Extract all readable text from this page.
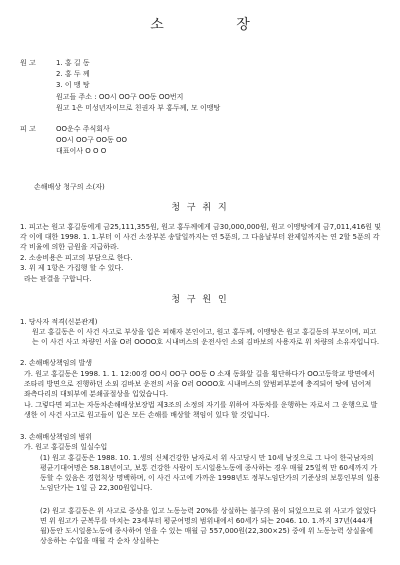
소 장
원 고	1. 홍 길 동
2. 홍 두 께
3. 이 맹 탕
원고들 주소 : OO시 OO구 OO동 OO번지
원고 1은 미성년자이므로 친권자 부 홍두께, 모 이맹탕
피 고	OO운수 주식회사
OO시 OO구 OO동 OO
대표이사 O O O
손해배상 청구의 소(자)
청 구 취 지
1. 피고는 원고 홍길동에게 금25,111,355원, 원고 홍두께에게 금30,000,000원, 원고 이맹탕에게 금7,011,416원 및 각 이에 대한 1998. 1. 1.부터 이 사건 소장부본 송달일까지는 연 5푼의, 그 다음날부터 완제일까지는 연 2할 5푼의 각각 비율에 의한 금원을 지급하라.
2. 소송비용은 피고의 부담으로 한다.
3. 위 제 1항은 가집행 할 수 있다.
라는 판결을 구합니다.
청 구 원 인
1. 당사자 적격(신분관계)
원고 홍길동은 이 사건 사고로 부상을 입은 피해자 본인이고, 원고 홍두께, 이맹탕은 원고 홍길동의 부모이며, 피고는 이 사건 사고 차량인 서울 O러 OOOO호 시내버스의 운전사인 소외 김바보의 사용자로 위 차량의 소유자입니다.
2. 손해배상책임의 발생
가. 원고 홍길동은 1998. 1. 1. 12:00경 OO시 OO구 OO동 O 소재 동화앞 길을 횡단하다가 OO고등학교 방면에서 조타리 방면으로 진행하던 소외 김바보 운전의 서울 O러 OOOO호 시내버스의 앞범퍼부분에 충격되어 땅에 넘어져 좌측다리의 대퇴부에 분쇄골절상을 입었습니다.
나. 그렇다면 피고는 자동차손해배상보장법 제3조의 소정의 자기를 위하여 자동차를 운행하는 자로서 그 운행으로 발생한 이 사건 사고로 원고들이 입은 모든 손해를 배상할 책임이 있다 할 것입니다.
3. 손해배상책임의 범위
가. 원고 홍길동의 일실수입
(1) 원고 홍길동은 1988. 10. 1.생의 신체건강한 남자로서 위 사고당시 만 10세 남짓으로 그 나이 한국남자의 평균기대여명은 58.18년이고, 보통 건강한 사람이 도시일용노동에 종사하는 경우 매월 25일씩 만 60세까지 가동할 수 있음은 경험칙상 명백하며, 이 사건 사고에 가까운 1998년도 정부노임단가의 기준상의 보통인부의 일용노임단가는 1일 금 22,300원입니다.
(2) 원고 홍길동은 위 사고로 중상을 입고 노동능력 20%를 상실하는 불구의 몸이 되었으므로 위 사고가 없었다면 위 원고가 군복무를 마치는 23세부터 평균여명의 범위내에서 60세가 되는 2046. 10. 1.까지 37년(444개월)동안 도시일용노동에 종사하여 얻을 수 있는 매월 금 557,000원(22,300×25) 중에 위 노동능력 상실율에 상응하는 수입을 매월 각 순차 상실하는
